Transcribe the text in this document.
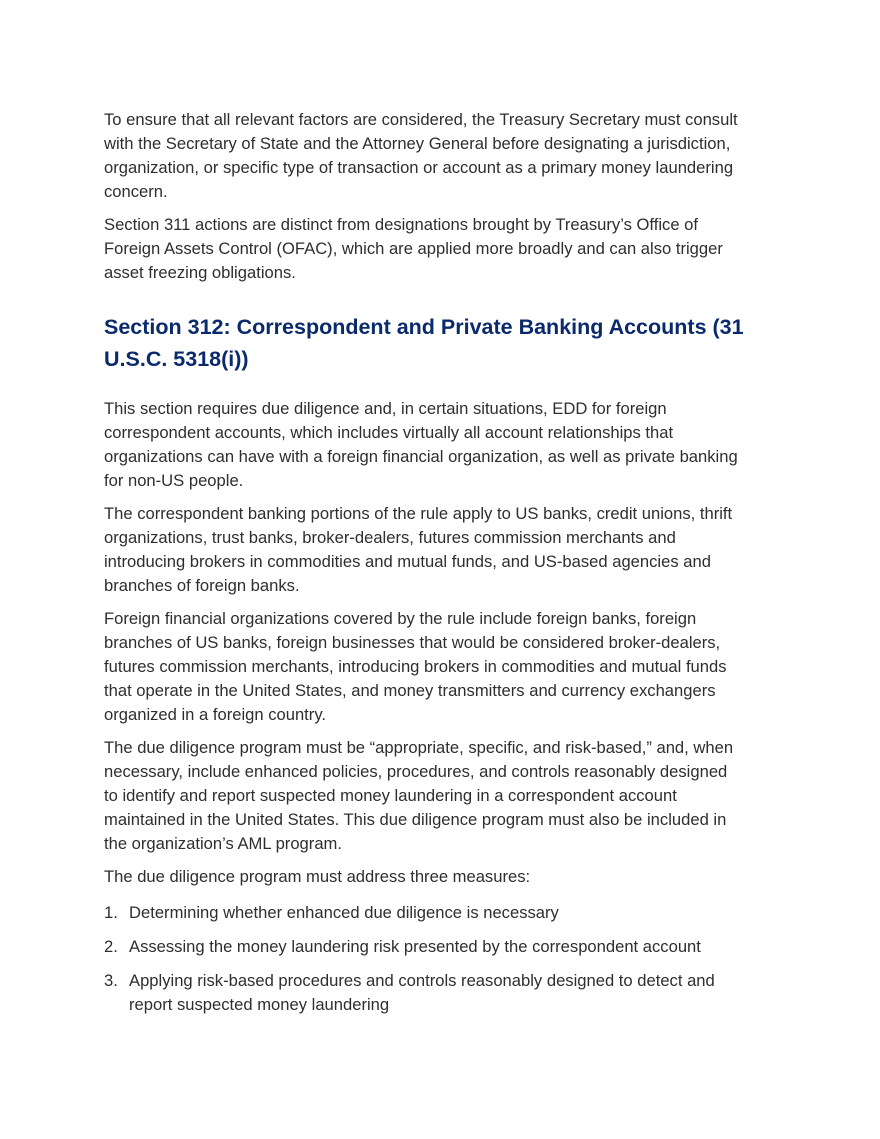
To ensure that all relevant factors are considered, the Treasury Secretary must consult with the Secretary of State and the Attorney General before designating a jurisdiction, organization, or specific type of transaction or account as a primary money laundering concern.

Section 311 actions are distinct from designations brought by Treasury’s Office of Foreign Assets Control (OFAC), which are applied more broadly and can also trigger asset freezing obligations.

Section 312: Correspondent and Private Banking Accounts (31 U.S.C. 5318(i))

This section requires due diligence and, in certain situations, EDD for foreign correspondent accounts, which includes virtually all account relationships that organizations can have with a foreign financial organization, as well as private banking for non-US people.

The correspondent banking portions of the rule apply to US banks, credit unions, thrift organizations, trust banks, broker-dealers, futures commission merchants and introducing brokers in commodities and mutual funds, and US-based agencies and branches of foreign banks.

Foreign financial organizations covered by the rule include foreign banks, foreign branches of US banks, foreign businesses that would be considered broker-dealers, futures commission merchants, introducing brokers in commodities and mutual funds that operate in the United States, and money transmitters and currency exchangers organized in a foreign country.

The due diligence program must be “appropriate, specific, and risk-based,” and, when necessary, include enhanced policies, procedures, and controls reasonably designed to identify and report suspected money laundering in a correspondent account maintained in the United States. This due diligence program must also be included in the organization’s AML program.

The due diligence program must address three measures:

1. Determining whether enhanced due diligence is necessary
2. Assessing the money laundering risk presented by the correspondent account
3. Applying risk-based procedures and controls reasonably designed to detect and report suspected money laundering
